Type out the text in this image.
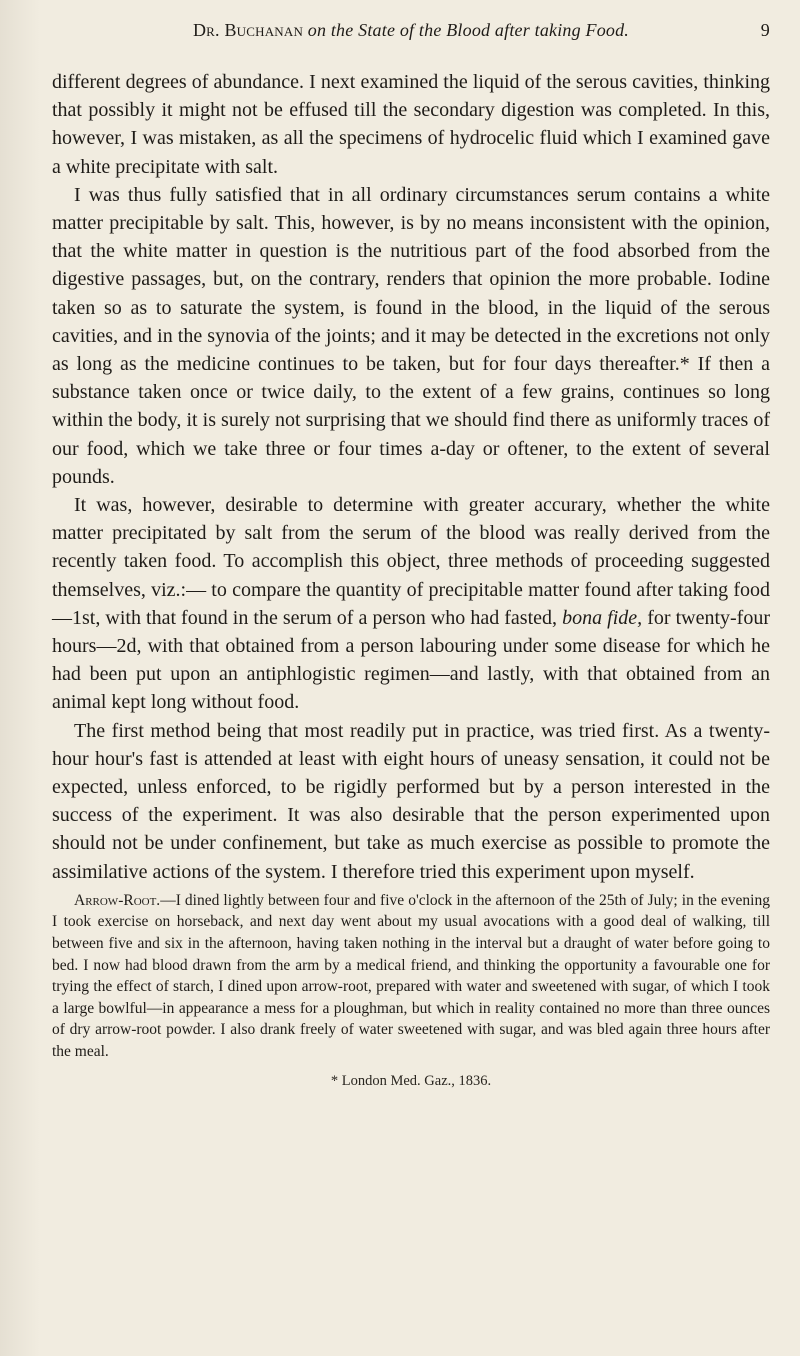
Dr. Buchanan on the State of the Blood after taking Food.	9

different degrees of abundance. I next examined the liquid of the serous cavities, thinking that possibly it might not be effused till the secondary digestion was completed. In this, however, I was mistaken, as all the specimens of hydrocelic fluid which I examined gave a white precipitate with salt.

I was thus fully satisfied that in all ordinary circumstances serum contains a white matter precipitable by salt. This, however, is by no means inconsistent with the opinion, that the white matter in question is the nutritious part of the food absorbed from the digestive passages, but, on the contrary, renders that opinion the more probable. Iodine taken so as to saturate the system, is found in the blood, in the liquid of the serous cavities, and in the synovia of the joints; and it may be detected in the excretions not only as long as the medicine continues to be taken, but for four days thereafter.* If then a substance taken once or twice daily, to the extent of a few grains, continues so long within the body, it is surely not surprising that we should find there as uniformly traces of our food, which we take three or four times a-day or oftener, to the extent of several pounds.

It was, however, desirable to determine with greater accurary, whether the white matter precipitated by salt from the serum of the blood was really derived from the recently taken food. To accomplish this object, three methods of proceeding suggested themselves, viz.:— to compare the quantity of precipitable matter found after taking food—1st, with that found in the serum of a person who had fasted, bona fide, for twenty-four hours—2d, with that obtained from a person labouring under some disease for which he had been put upon an antiphlogistic regimen—and lastly, with that obtained from an animal kept long without food.

The first method being that most readily put in practice, was tried first. As a twenty-hour hour's fast is attended at least with eight hours of uneasy sensation, it could not be expected, unless enforced, to be rigidly performed but by a person interested in the success of the experiment. It was also desirable that the person experimented upon should not be under confinement, but take as much exercise as possible to promote the assimilative actions of the system. I therefore tried this experiment upon myself.

Arrow-Root.—I dined lightly between four and five o'clock in the afternoon of the 25th of July; in the evening I took exercise on horseback, and next day went about my usual avocations with a good deal of walking, till between five and six in the afternoon, having taken nothing in the interval but a draught of water before going to bed. I now had blood drawn from the arm by a medical friend, and thinking the opportunity a favourable one for trying the effect of starch, I dined upon arrow-root, prepared with water and sweetened with sugar, of which I took a large bowlful—in appearance a mess for a ploughman, but which in reality contained no more than three ounces of dry arrow-root powder. I also drank freely of water sweetened with sugar, and was bled again three hours after the meal.
* London Med. Gaz., 1836.
